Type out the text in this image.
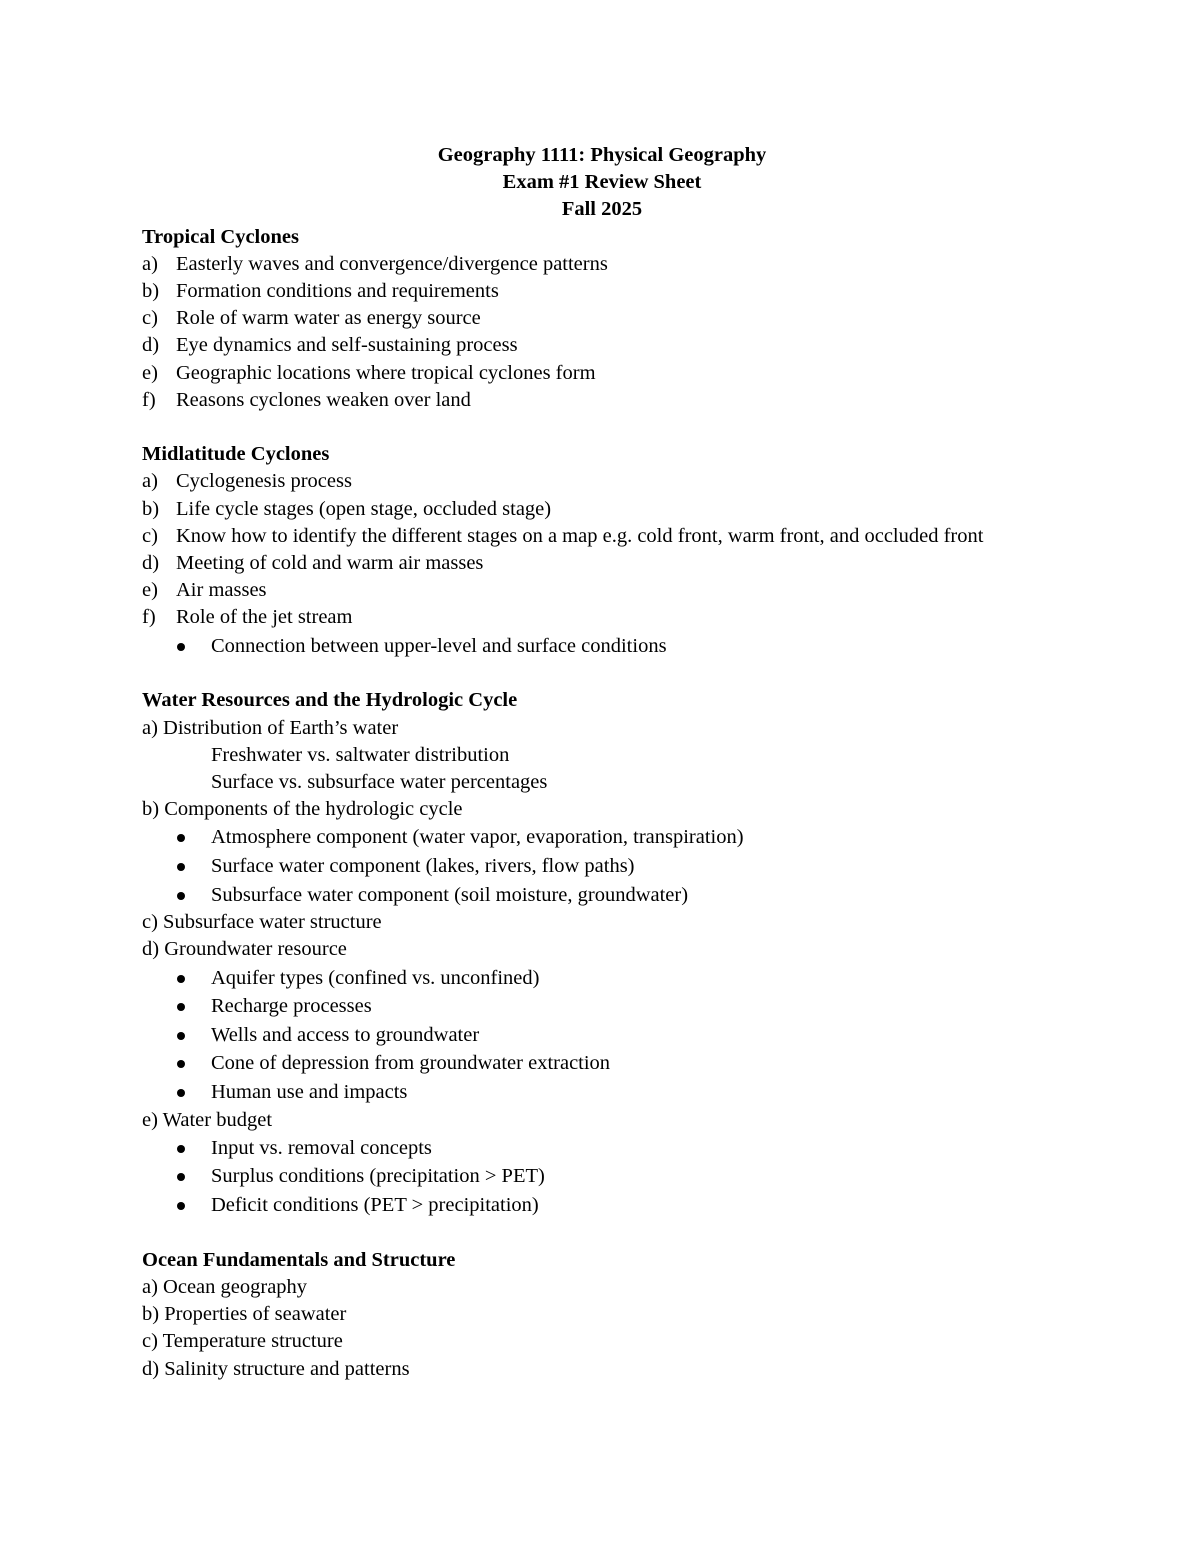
Geography 1111: Physical Geography
Exam #1 Review Sheet
Fall 2025
Tropical Cyclones
a) Easterly waves and convergence/divergence patterns
b) Formation conditions and requirements
c) Role of warm water as energy source
d) Eye dynamics and self-sustaining process
e) Geographic locations where tropical cyclones form
f) Reasons cyclones weaken over land
Midlatitude Cyclones
a) Cyclogenesis process
b) Life cycle stages (open stage, occluded stage)
c) Know how to identify the different stages on a map e.g. cold front, warm front, and occluded front
d) Meeting of cold and warm air masses
e) Air masses
f) Role of the jet stream
Connection between upper-level and surface conditions
Water Resources and the Hydrologic Cycle
a) Distribution of Earth’s water
Freshwater vs. saltwater distribution
Surface vs. subsurface water percentages
b) Components of the hydrologic cycle
Atmosphere component (water vapor, evaporation, transpiration)
Surface water component (lakes, rivers, flow paths)
Subsurface water component (soil moisture, groundwater)
c) Subsurface water structure
d) Groundwater resource
Aquifer types (confined vs. unconfined)
Recharge processes
Wells and access to groundwater
Cone of depression from groundwater extraction
Human use and impacts
e) Water budget
Input vs. removal concepts
Surplus conditions (precipitation > PET)
Deficit conditions (PET > precipitation)
Ocean Fundamentals and Structure
a) Ocean geography
b) Properties of seawater
c) Temperature structure
d) Salinity structure and patterns
